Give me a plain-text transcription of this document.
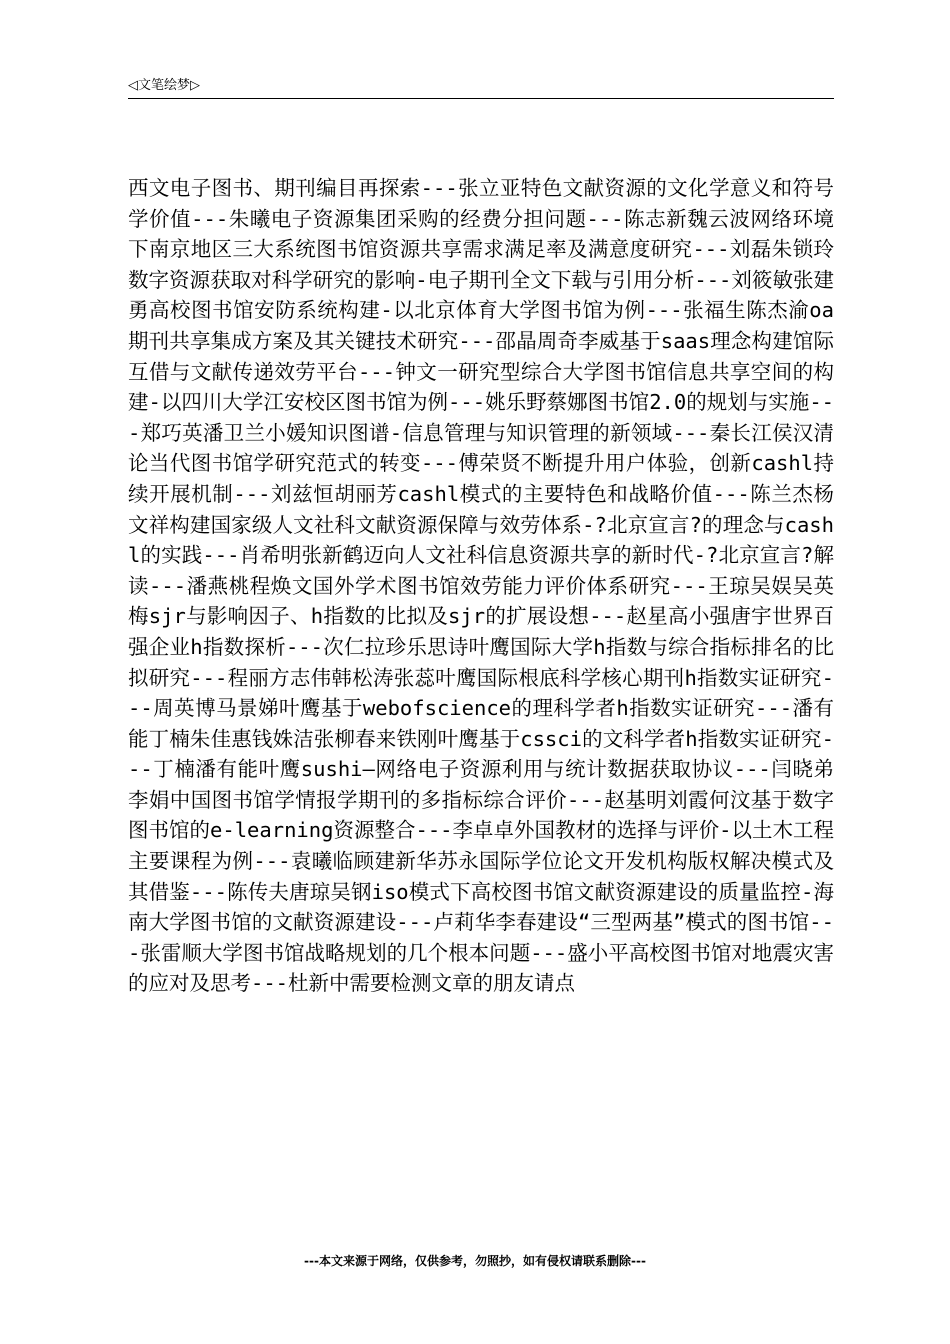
◁文笔绘梦▷
西文电子图书、期刊编目再探索---张立亚特色文献资源的文化学意义和符号学价值---朱曦电子资源集团采购的经费分担问题---陈志新魏云波网络环境下南京地区三大系统图书馆资源共享需求满足率及满意度研究---刘磊朱锁玲数字资源获取对科学研究的影响-电子期刊全文下载与引用分析---刘筱敏张建勇高校图书馆安防系统构建-以北京体育大学图书馆为例---张福生陈杰渝oa期刊共享集成方案及其关键技术研究---邵晶周奇李威基于saas理念构建馆际互借与文献传递效劳平台---钟文一研究型综合大学图书馆信息共享空间的构建-以四川大学江安校区图书馆为例---姚乐野蔡娜图书馆2.0的规划与实施---郑巧英潘卫兰小媛知识图谱-信息管理与知识管理的新领域---秦长江侯汉清论当代图书馆学研究范式的转变---傅荣贤不断提升用户体验，创新cashl持续开展机制---刘兹恒胡丽芳cashl模式的主要特色和战略价值---陈兰杰杨文祥构建国家级人文社科文献资源保障与效劳体系-?北京宣言?的理念与cashl的实践---肖希明张新鹤迈向人文社科信息资源共享的新时代-?北京宣言?解读---潘燕桃程焕文国外学术图书馆效劳能力评价体系研究---王琼吴娱吴英梅sjr与影响因子、h指数的比拟及sjr的扩展设想---赵星高小强唐宇世界百强企业h指数探析---次仁拉珍乐思诗叶鹰国际大学h指数与综合指标排名的比拟研究---程丽方志伟韩松涛张蕊叶鹰国际根底科学核心期刊h指数实证研究---周英博马景娣叶鹰基于webofscience的理科学者h指数实证研究---潘有能丁楠朱佳惠钱姝洁张柳春来铁刚叶鹰基于cssci的文科学者h指数实证研究---丁楠潘有能叶鹰sushi—网络电子资源利用与统计数据获取协议---闫晓弟李娟中国图书馆学情报学期刊的多指标综合评价---赵基明刘霞何汶基于数字图书馆的e-learning资源整合---李卓卓外国教材的选择与评价-以土木工程主要课程为例---袁曦临顾建新华苏永国际学位论文开发机构版权解决模式及其借鉴---陈传夫唐琼吴钢iso模式下高校图书馆文献资源建设的质量监控-海南大学图书馆的文献资源建设---卢莉华李春建设“三型两基”模式的图书馆---张雷顺大学图书馆战略规划的几个根本问题---盛小平高校图书馆对地震灾害的应对及思考---杜新中需要检测文章的朋友请点
---本文来源于网络，仅供参考，勿照抄，如有侵权请联系删除---
